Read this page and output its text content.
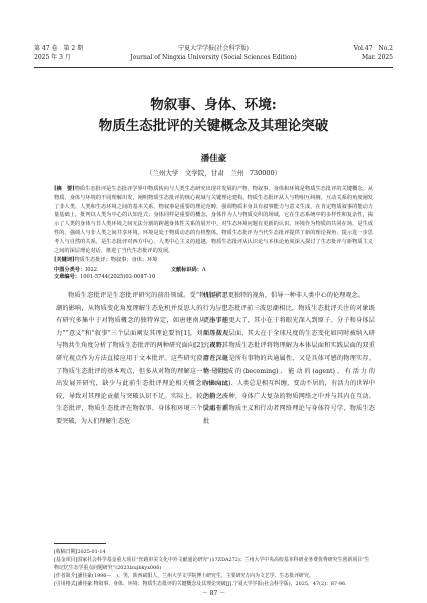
第 47 卷　第 2 期
2025 年 3 月
宁夏大学学报(社会科学版)
Journal of Ningxia University (Social Sciences Edition)
Vol.47　No.2
Mar. 2025
物叙事、身体、环境:
物质生态批评的关键概念及其理论突破
潘佳豪
（兰州大学　文学院，甘肃　兰州　730000）
[摘　要]物质生态批评是生态批评学界中物质转向与人类生态研究出现并发展的产物，物叙事、身体和环境是物质生态批评的关键概念。从物质、身体与环境的不同理解出发，阐明物质生态批评的核心视域与关键理论建构。物质生态批评从人与物相互纠缠、互动关系的角度阐发了非人类、人类和生态环境之间的基本关系。物叙事是重要的理论范畴，强调物质本身具有叙事能力与意义生成，在肯定物质叙事的能动力量基础上，批判以人类为中心的认知范式；身体同样是重要的概念，身体作为人与物质交织的场域，它在生态系统中的多样性和复杂性，揭示了人类的身体与非人类环境之间无法分割的跨越身体性关系的展开中，对生态环境问题有更新的认识。环境作为物质的共同在场，是生成性的，强调人与非人类之间共享环境，环境是处于物质动态的有机整体。物质生态批评为当代生态批评提供了新的理论视角，提示进一步思考人与自然的关系，是生态批评对西方中心、人类中心主义的超越，物质生态批评从认识论与本体论角度深入探讨了生态批评与新物质主义之间的深层理论对话，推进了当代生态批评的发展。
[关键词]物质生态批评；物叙事；身体；环境
中图分类号：I022	文献标识码：A 文章编号：1001-5744(2025)02-0087-10

物质生态批评是生态批评研究的前沿领域。受“物转向”思潮的影响，从物质变化角度理解生态危机并反思人的行为。已有研究多集中于对物质概念的独特界定，如唐建南从“施事能力”“意义”和“叙事”三个层面阐发其理论要旨[1]，刘邦珏从人与物共生角度分析了物质生态批评的两种研究面向[2]，或将其研究视点作为方法直接应用于文本批评。这些研究澄清并深化了物质生态批评的基本观点，但多从对物的理解这一单一维度出发展开研究，缺少与此前生态批评理论相关概念的横向比较，导致对其理论贡献与突破认识不足。实际上，较之前三波生态批评，物质生态批评在物叙事、身体和环境三个层面有重要突破，为人们理解生态危

机提供了更独特的视角，倡导一种非人类中心的伦理观念。

与生态批评前三波思潮相比，物质生态批评关注的对象既更小了也更大了，其小在于将眼光深入到原子、分子和身体层面等微观层面，其大在于全球尺度的生态变化如同时被纳入研究视野。物质生态批评将物理解为本体层面和实践层面的双重存在，既是所有事物的共通属性，又是具体可感的物理实存。物是生成的(becoming)、能动的(agent)、有活力的(vibrant)、人类总是相互纠缠、变动不居的，有活力的世界中的物之一种，身体广大复杂的物质网络之中并与其内在互动。受惠于新物质主义和行动者网络理论与身体符号学，物质生态批

[收稿日期]2025-01-14
[基金项目]国家社会科学基金重大项目“丝路审美文化中外文献通论研究”(17ZDA272)；兰州大学中央高校基本科研业务费优秀研究生创新项目“生物记忆生态学重点问题研究”(2023lzujbkyx006)
[作者简介]潘佳豪(1996—　)，男，陕西咸阳人，兰州大学文学院博士研究生，主要研究方向为文艺学、生态批评研究。
[引用格式]潘佳豪.物叙事、身体、环境：物质生态批评的关键概念及其理论突破[J].宁夏大学学报(社会科学版)，2025，47(2)：87-96.
－ 87 －
